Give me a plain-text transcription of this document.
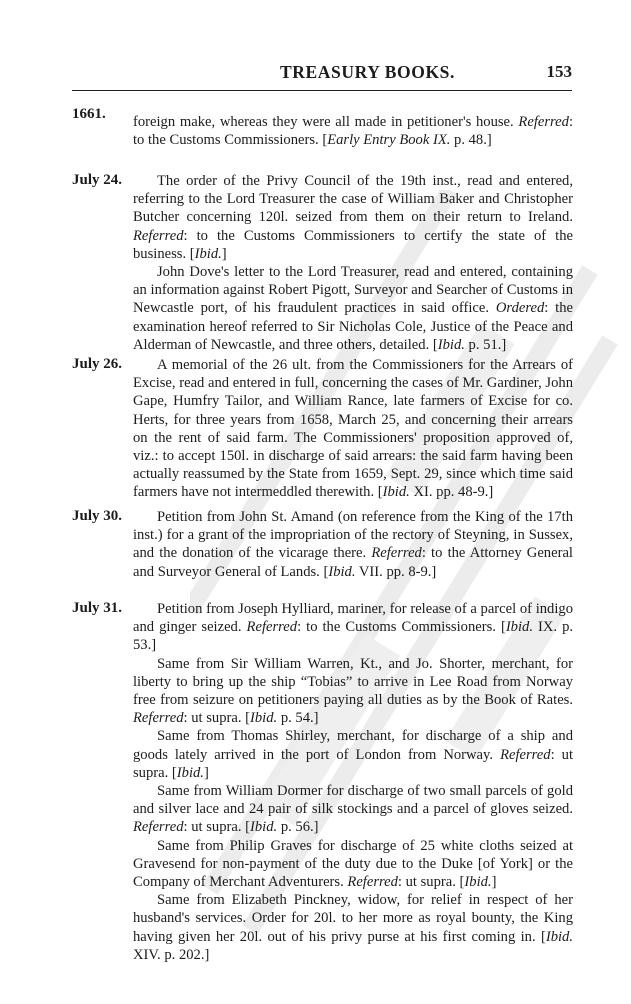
TREASURY BOOKS.	153
1661. foreign make, whereas they were all made in petitioner's house. Referred: to the Customs Commissioners. [Early Entry Book IX. p. 48.]

July 24.	The order of the Privy Council of the 19th inst., read and entered, referring to the Lord Treasurer the case of William Baker and Christopher Butcher concerning 120l. seized from them on their return to Ireland. Referred: to the Customs Commissioners to certify the state of the business. [Ibid.]

John Dove's letter to the Lord Treasurer, read and entered, containing an information against Robert Pigott, Surveyor and Searcher of Customs in Newcastle port, of his fraudulent practices in said office. Ordered: the examination hereof referred to Sir Nicholas Cole, Justice of the Peace and Alderman of Newcastle, and three others, detailed. [Ibid. p. 51.]

July 26.	A memorial of the 26 ult. from the Commissioners for the Arrears of Excise, read and entered in full, concerning the cases of Mr. Gardiner, John Gape, Humfry Tailor, and William Rance, late farmers of Excise for co. Herts, for three years from 1658, March 25, and concerning their arrears on the rent of said farm. The Commissioners' proposition approved of, viz.: to accept 150l. in discharge of said arrears: the said farm having been actually reassumed by the State from 1659, Sept. 29, since which time said farmers have not intermeddled therewith. [Ibid. XI. pp. 48-9.]

July 30.	Petition from John St. Amand (on reference from the King of the 17th inst.) for a grant of the impropriation of the rectory of Steyning, in Sussex, and the donation of the vicarage there. Referred: to the Attorney General and Surveyor General of Lands. [Ibid. VII. pp. 8-9.]

July 31.	Petition from Joseph Hylliard, mariner, for release of a parcel of indigo and ginger seized. Referred: to the Customs Commissioners. [Ibid. IX. p. 53.]

Same from Sir William Warren, Kt., and Jo. Shorter, merchant, for liberty to bring up the ship “Tobias” to arrive in Lee Road from Norway free from seizure on petitioners paying all duties as by the Book of Rates. Referred: ut supra. [Ibid. p. 54.]

Same from Thomas Shirley, merchant, for discharge of a ship and goods lately arrived in the port of London from Norway. Referred: ut supra. [Ibid.]

Same from William Dormer for discharge of two small parcels of gold and silver lace and 24 pair of silk stockings and a parcel of gloves seized. Referred: ut supra. [Ibid. p. 56.]

Same from Philip Graves for discharge of 25 white cloths seized at Gravesend for non-payment of the duty due to the Duke [of York] or the Company of Merchant Adventurers. Referred: ut supra. [Ibid.]

Same from Elizabeth Pinckney, widow, for relief in respect of her husband's services. Order for 20l. to her more as royal bounty, the King having given her 20l. out of his privy purse at his first coming in. [Ibid. XIV. p. 202.]
